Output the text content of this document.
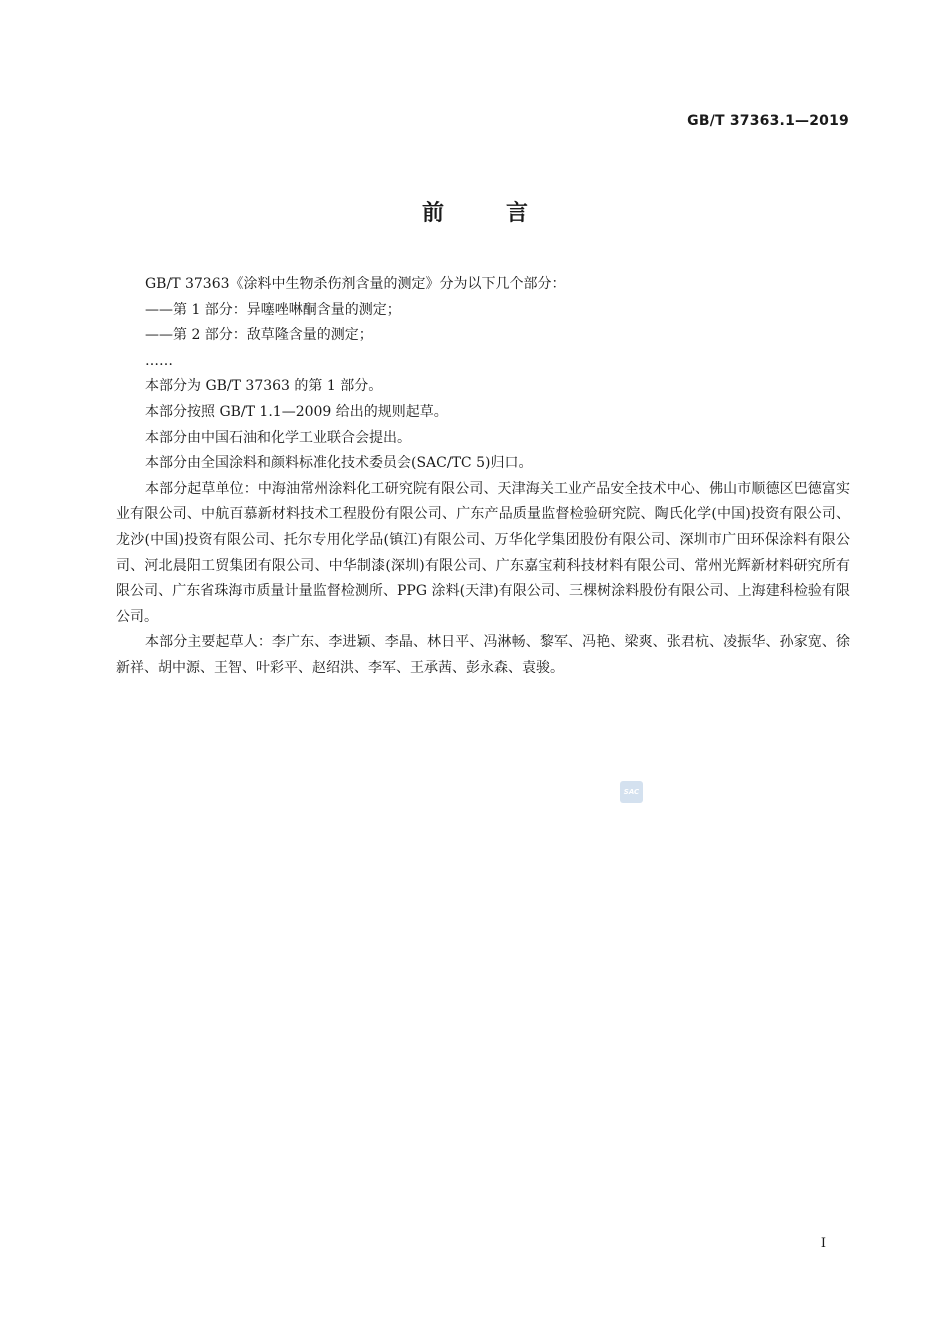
GB/T 37363.1—2019
前言

GB/T 37363《涂料中生物杀伤剂含量的测定》分为以下几个部分：

——第 1 部分：异噻唑啉酮含量的测定；

——第 2 部分：敌草隆含量的测定；

……

本部分为 GB/T 37363 的第 1 部分。

本部分按照 GB/T 1.1—2009 给出的规则起草。

本部分由中国石油和化学工业联合会提出。

本部分由全国涂料和颜料标准化技术委员会(SAC/TC 5)归口。

本部分起草单位：中海油常州涂料化工研究院有限公司、天津海关工业产品安全技术中心、佛山市顺德区巴德富实业有限公司、中航百慕新材料技术工程股份有限公司、广东产品质量监督检验研究院、陶氏化学(中国)投资有限公司、龙沙(中国)投资有限公司、托尔专用化学品(镇江)有限公司、万华化学集团股份有限公司、深圳市广田环保涂料有限公司、河北晨阳工贸集团有限公司、中华制漆(深圳)有限公司、广东嘉宝莉科技材料有限公司、常州光辉新材料研究所有限公司、广东省珠海市质量计量监督检测所、PPG 涂料(天津)有限公司、三棵树涂料股份有限公司、上海建科检验有限公司。

本部分主要起草人：李广东、李进颖、李晶、林日平、冯淋畅、黎军、冯艳、梁爽、张君杭、凌振华、孙家宽、徐新祥、胡中源、王智、叶彩平、赵绍洪、李军、王承茜、彭永森、袁骏。

SAC
I
